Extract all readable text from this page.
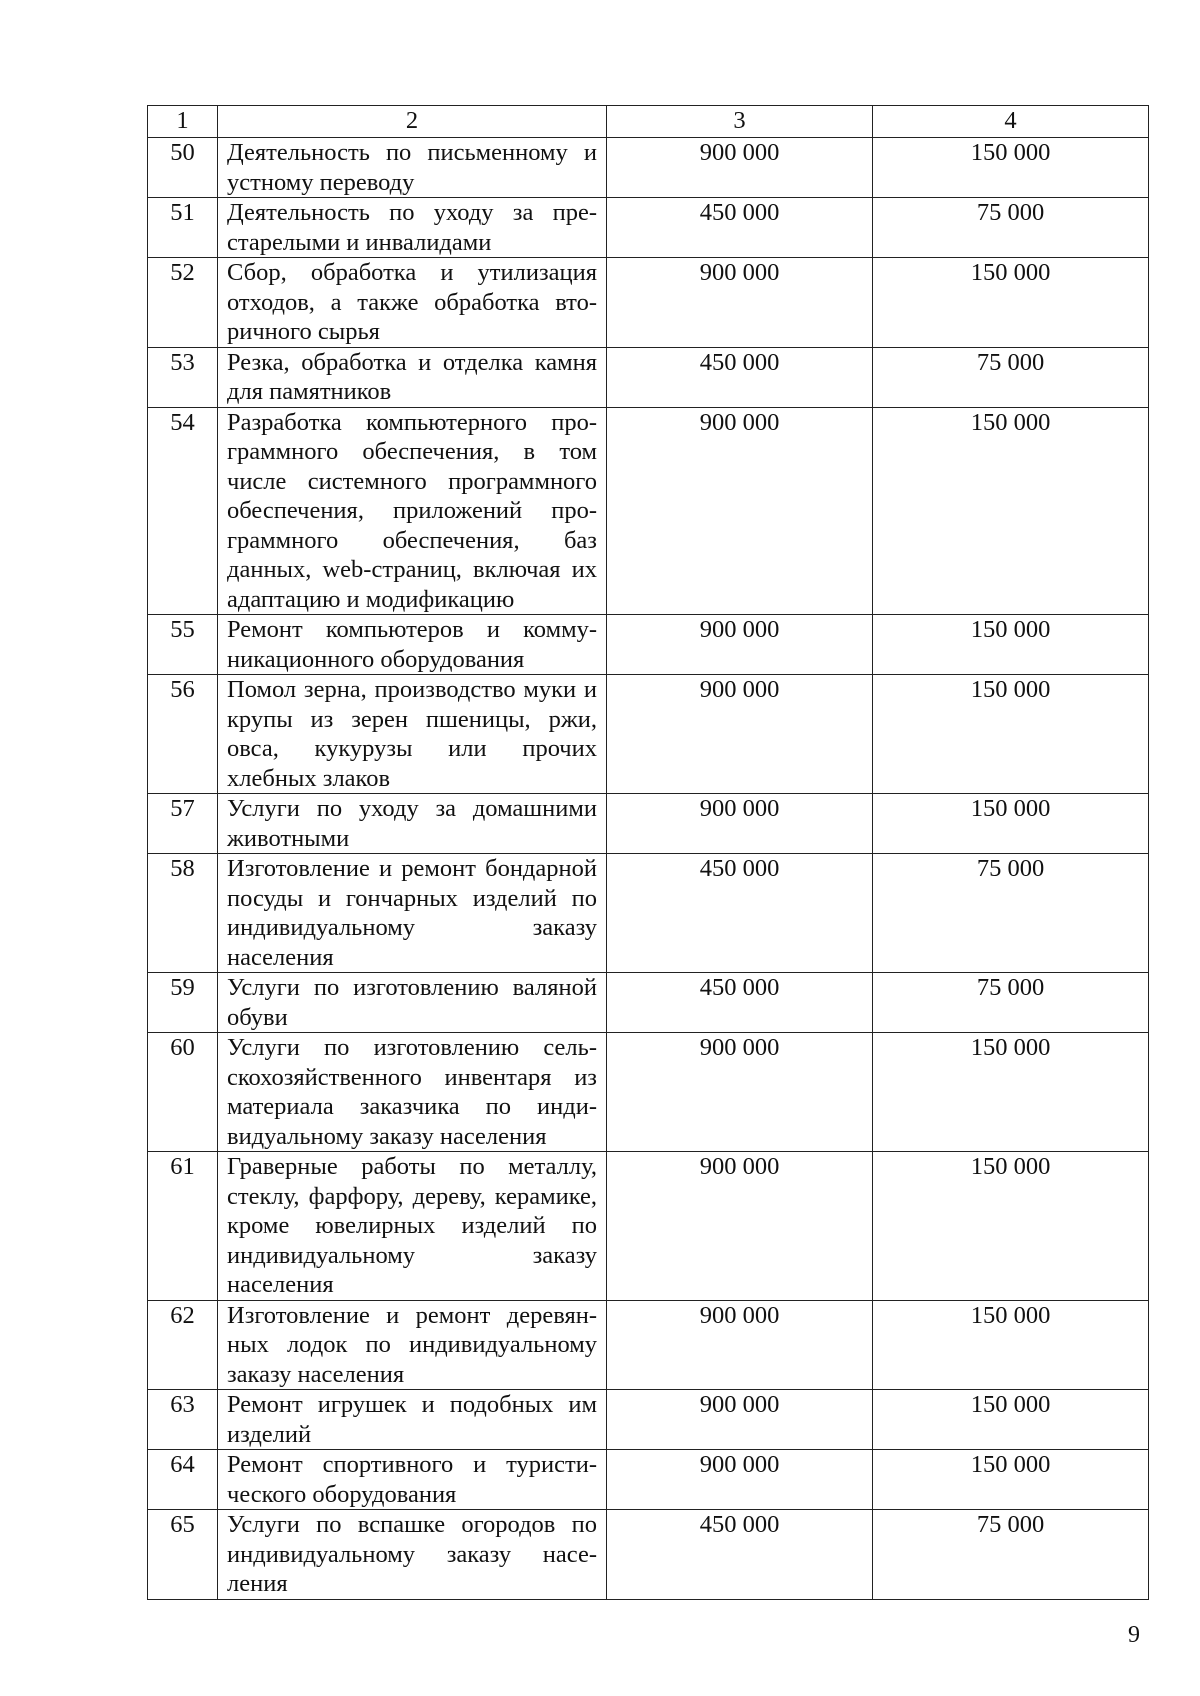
1	2	3	4
50	Деятельность по письменному и устному переводу	900 000	150 000
51	Деятельность по уходу за престарелыми и инвалидами	450 000	75 000
52	Сбор, обработка и утилизация отходов, а также обработка вторичного сырья	900 000	150 000
53	Резка, обработка и отделка камня для памятников	450 000	75 000
54	Разработка компьютерного программного обеспечения, в том числе системного программного обеспечения, приложений программного обеспечения, баз данных, web-страниц, включая их адаптацию и модификацию	900 000	150 000
55	Ремонт компьютеров и коммуникационного оборудования	900 000	150 000
56	Помол зерна, производство муки и крупы из зерен пшеницы, ржи, овса, кукурузы или прочих хлебных злаков	900 000	150 000
57	Услуги по уходу за домашними животными	900 000	150 000
58	Изготовление и ремонт бондарной посуды и гончарных изделий по индивидуальному заказу населения	450 000	75 000
59	Услуги по изготовлению валяной обуви	450 000	75 000
60	Услуги по изготовлению сельскохозяйственного инвентаря из материала заказчика по индивидуальному заказу населения	900 000	150 000
61	Граверные работы по металлу, стеклу, фарфору, дереву, керамике, кроме ювелирных изделий по индивидуальному заказу населения	900 000	150 000
62	Изготовление и ремонт деревянных лодок по индивидуальному заказу населения	900 000	150 000
63	Ремонт игрушек и подобных им изделий	900 000	150 000
64	Ремонт спортивного и туристического оборудования	900 000	150 000
65	Услуги по вспашке огородов по индивидуальному заказу населения	450 000	75 000
9
